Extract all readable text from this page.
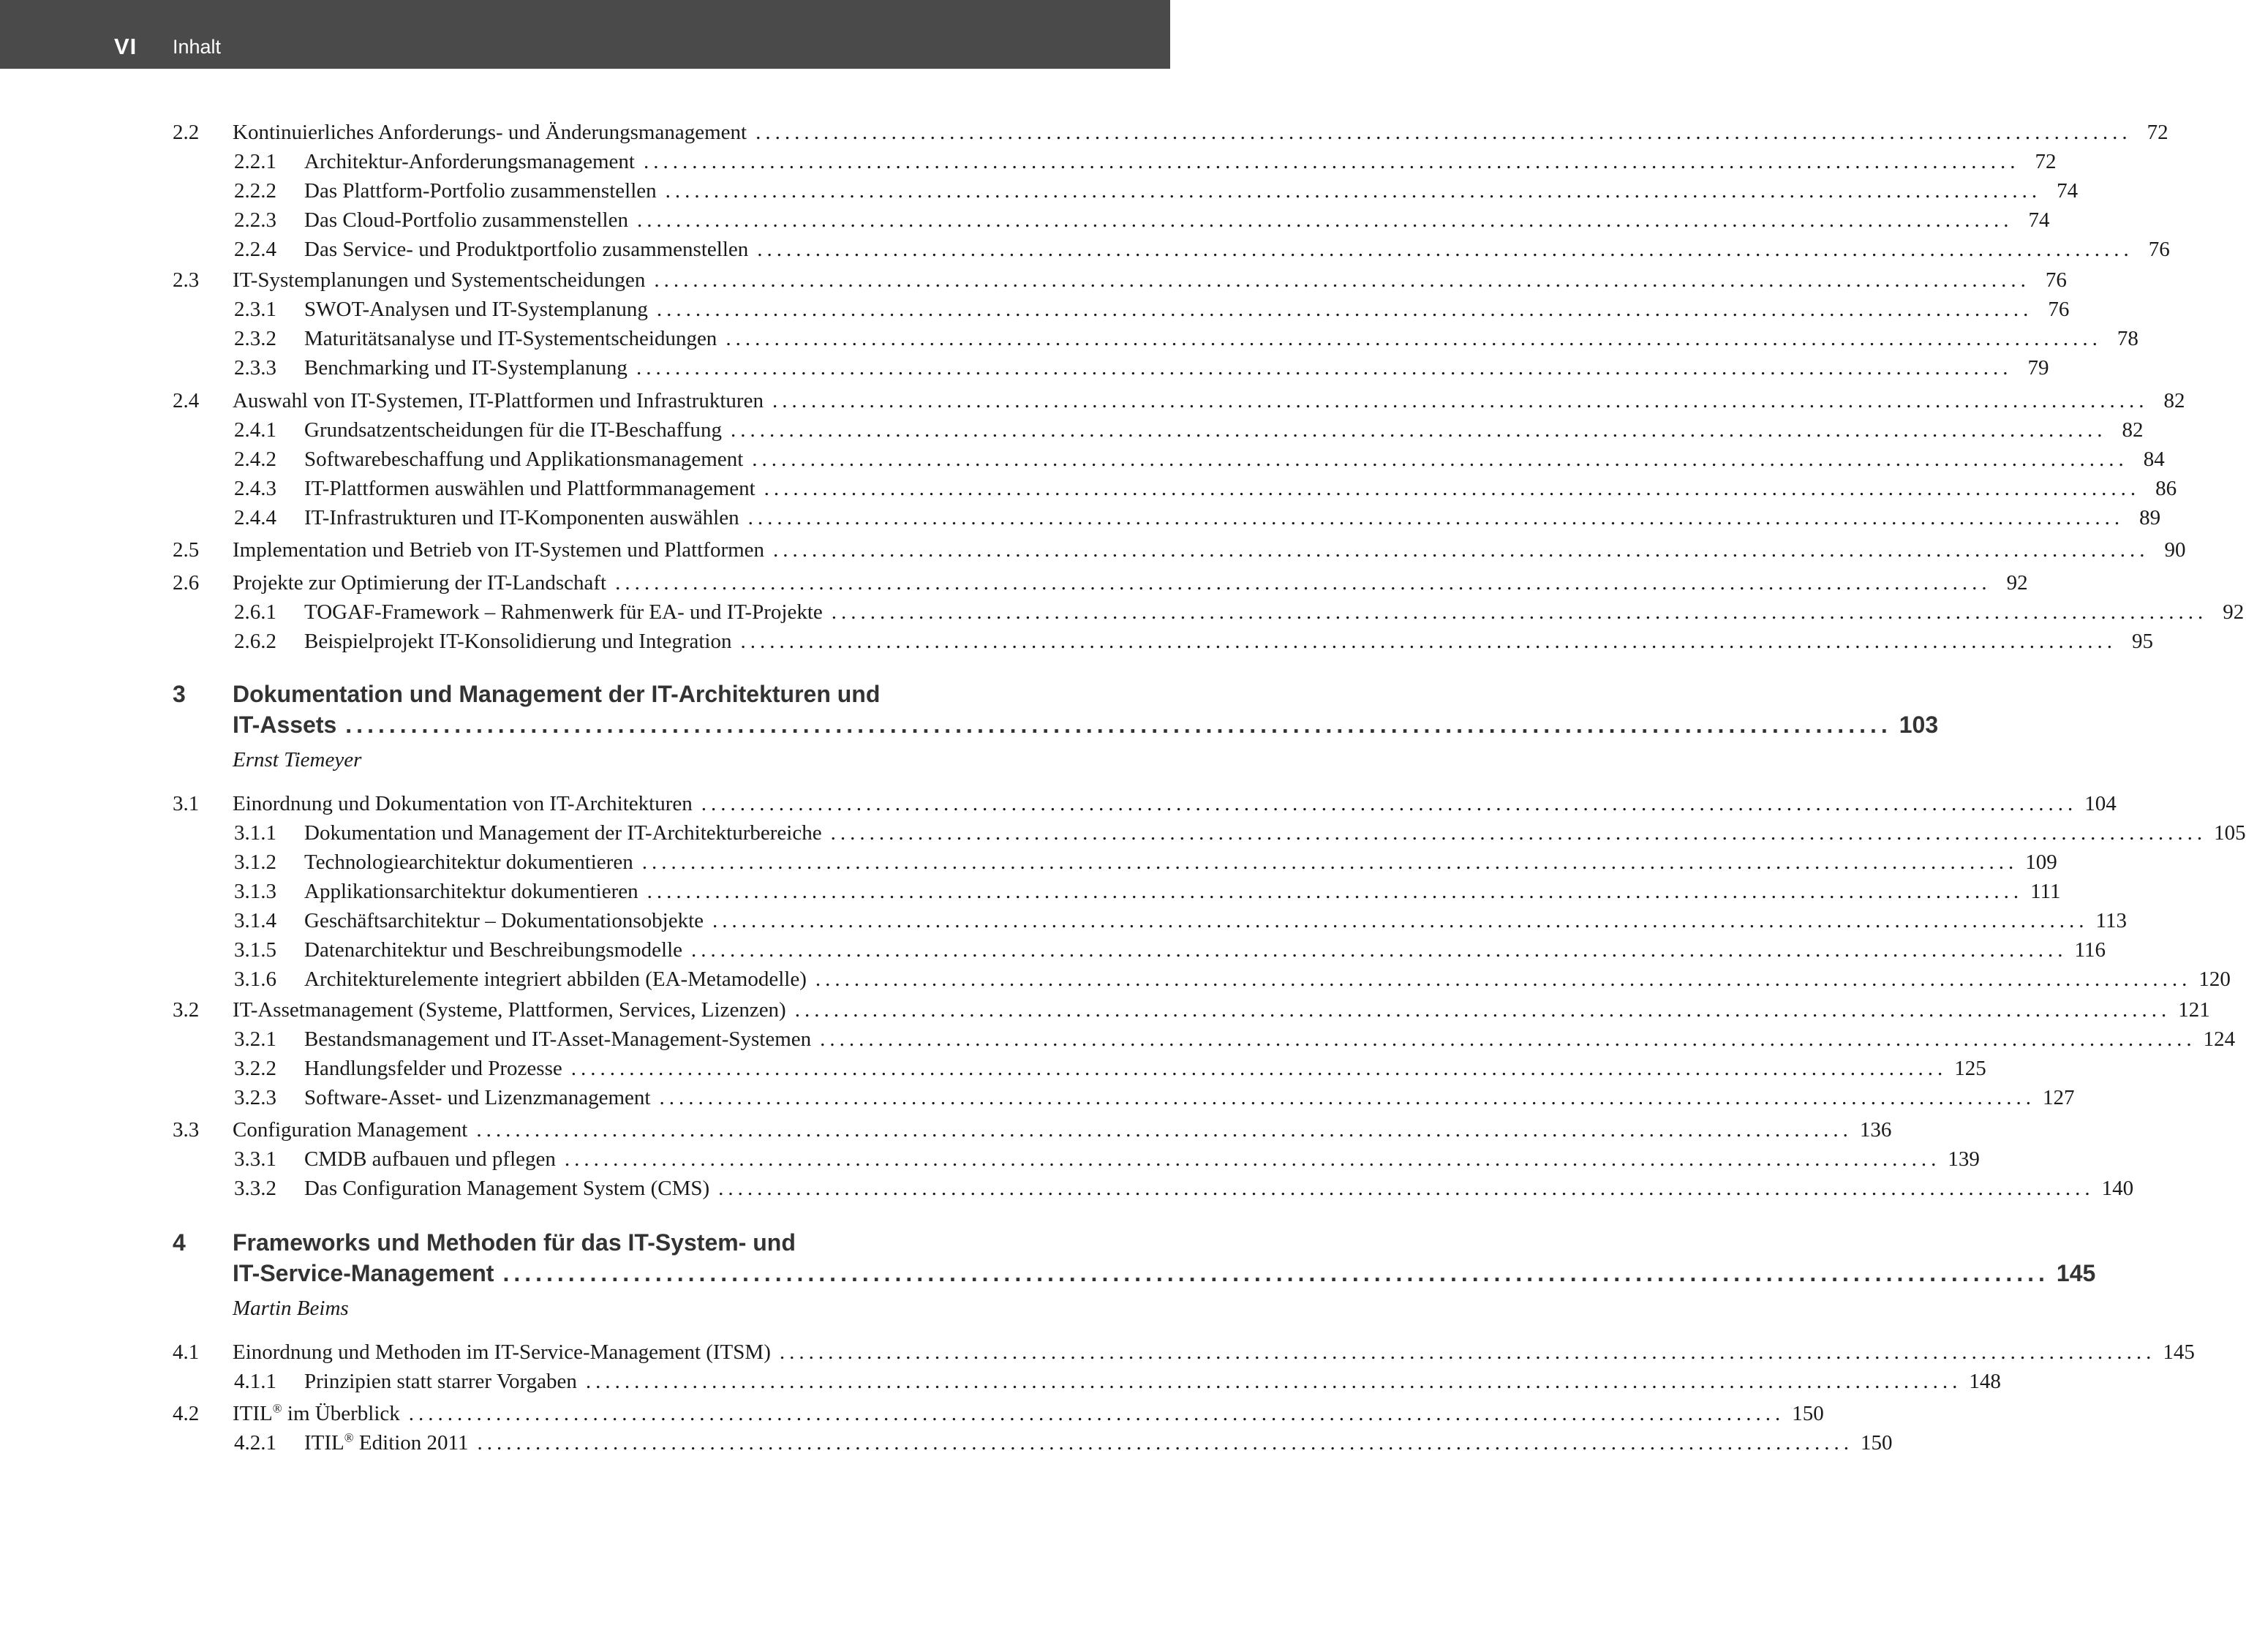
VI Inhalt
2.2 Kontinuierliches Anforderungs- und Änderungsmanagement .............................................................................................................................................. 72
2.2.1 Architektur-Anforderungsmanagement .............................................................................................................................................. 72
2.2.2 Das Plattform-Portfolio zusammenstellen .............................................................................................................................................. 74
2.2.3 Das Cloud-Portfolio zusammenstellen .............................................................................................................................................. 74
2.2.4 Das Service- und Produktportfolio zusammenstellen .............................................................................................................................................. 76
2.3 IT-Systemplanungen und Systementscheidungen .............................................................................................................................................. 76
2.3.1 SWOT-Analysen und IT-Systemplanung .............................................................................................................................................. 76
2.3.2 Maturitätsanalyse und IT-Systementscheidungen .............................................................................................................................................. 78
2.3.3 Benchmarking und IT-Systemplanung .............................................................................................................................................. 79
2.4 Auswahl von IT-Systemen, IT-Plattformen und Infrastrukturen .............................................................................................................................................. 82
2.4.1 Grundsatzentscheidungen für die IT-Beschaffung .............................................................................................................................................. 82
2.4.2 Softwarebeschaffung und Applikationsmanagement .............................................................................................................................................. 84
2.4.3 IT-Plattformen auswählen und Plattformmanagement .............................................................................................................................................. 86
2.4.4 IT-Infrastrukturen und IT-Komponenten auswählen .............................................................................................................................................. 89
2.5 Implementation und Betrieb von IT-Systemen und Plattformen .............................................................................................................................................. 90
2.6 Projekte zur Optimierung der IT-Landschaft .............................................................................................................................................. 92
2.6.1 TOGAF-Framework – Rahmenwerk für EA- und IT-Projekte .............................................................................................................................................. 92
2.6.2 Beispielprojekt IT-Konsolidierung und Integration .............................................................................................................................................. 95
3.1 Einordnung und Dokumentation von IT-Architekturen .............................................................................................................................................. 104
3.1.1 Dokumentation und Management der IT-Architekturbereiche .............................................................................................................................................. 105
3.1.2 Technologiearchitektur dokumentieren .............................................................................................................................................. 109
3.1.3 Applikationsarchitektur dokumentieren .............................................................................................................................................. 111
3.1.4 Geschäftsarchitektur – Dokumentationsobjekte .............................................................................................................................................. 113
3.1.5 Datenarchitektur und Beschreibungsmodelle .............................................................................................................................................. 116
3.1.6 Architekturelemente integriert abbilden (EA-Metamodelle) .............................................................................................................................................. 120
3.2 IT-Assetmanagement (Systeme, Plattformen, Services, Lizenzen) .............................................................................................................................................. 121
3.2.1 Bestandsmanagement und IT-Asset-Management-Systemen .............................................................................................................................................. 124
3.2.2 Handlungsfelder und Prozesse .............................................................................................................................................. 125
3.2.3 Software-Asset- und Lizenzmanagement .............................................................................................................................................. 127
3.3 Configuration Management .............................................................................................................................................. 136
3.3.1 CMDB aufbauen und pflegen .............................................................................................................................................. 139
3.3.2 Das Configuration Management System (CMS) .............................................................................................................................................. 140
4.1 Einordnung und Methoden im IT-Service-Management (ITSM) .............................................................................................................................................. 145
4.1.1 Prinzipien statt starrer Vorgaben .............................................................................................................................................. 148
4.2 ITIL® im Überblick .............................................................................................................................................. 150
4.2.1 ITIL® Edition 2011 .............................................................................................................................................. 150
3 Dokumentation und Management der IT-Architekturen und
IT-Assets .............................................................................................................................................. 103
Ernst Tiemeyer
4 Frameworks und Methoden für das IT-System- und
IT-Service-Management .............................................................................................................................................. 145
Martin Beims
